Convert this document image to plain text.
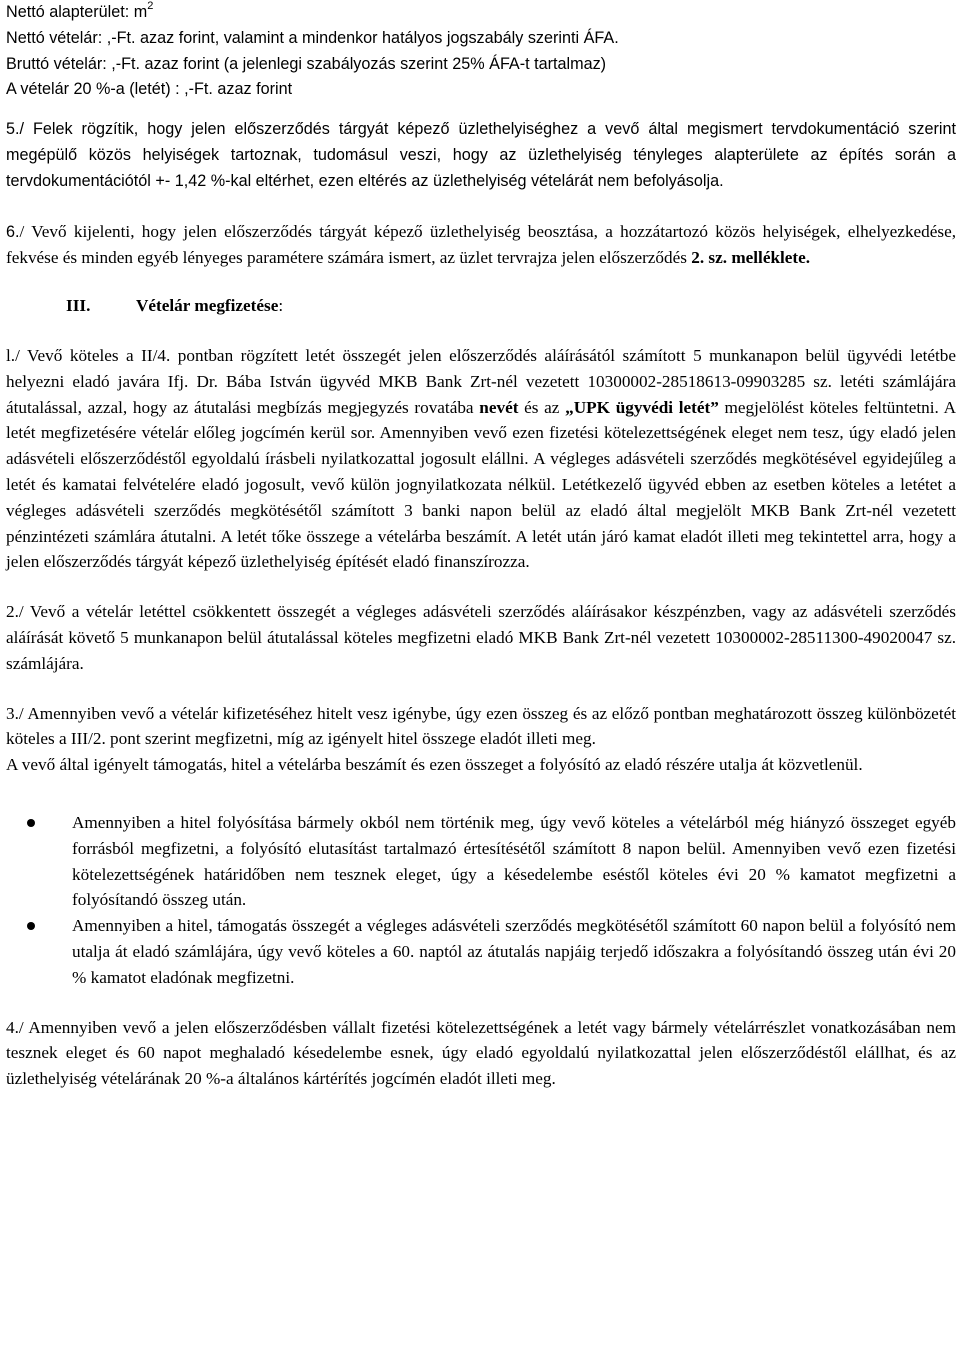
Nettó alapterület: $m^2$
Nettó vételár: ,-Ft. azaz forint, valamint a mindenkor hatályos jogszabály szerinti ÁFA.
Bruttó vételár: ,-Ft. azaz forint (a jelenlegi szabályozás szerint 25% ÁFA-t tartalmaz)
A vételár 20 %-a (letét) : ,-Ft. azaz forint

5./ Felek rögzítik, hogy jelen előszerződés tárgyát képező üzlethelyiséghez a vevő által megismert tervdokumentáció szerint megépülő közös helyiségek tartoznak, tudomásul veszi, hogy az üzlethelyiség tényleges alapterülete az építés során a tervdokumentációtól +- 1,42 %-kal eltérhet, ezen eltérés az üzlethelyiség vételárát nem befolyásolja.

6./ Vevő kijelenti, hogy jelen előszerződés tárgyát képező üzlethelyiség beosztása, a hozzátartozó közös helyiségek, elhelyezkedése, fekvése és minden egyéb lényeges paramétere számára ismert, az üzlet tervrajza jelen előszerződés 2. sz. melléklete.

III.	Vételár megfizetése:

l./ Vevő köteles a II/4. pontban rögzített letét összegét jelen előszerződés aláírásától számított 5 munkanapon belül ügyvédi letétbe helyezni eladó javára Ifj. Dr. Bába István ügyvéd MKB Bank Zrt-nél vezetett 10300002-28518613-09903285 sz. letéti számlájára átutalással, azzal, hogy az átutalási megbízás megjegyzés rovatába nevét és az „UPK ügyvédi letét” megjelölést köteles feltüntetni. A letét megfizetésére vételár előleg jogcímén kerül sor. Amennyiben vevő ezen fizetési kötelezettségének eleget nem tesz, úgy eladó jelen adásvételi előszerződéstől egyoldalú írásbeli nyilatkozattal jogosult elállni. A végleges adásvételi szerződés megkötésével egyidejűleg a letét és kamatai felvételére eladó jogosult, vevő külön jognyilatkozata nélkül. Letétkezelő ügyvéd ebben az esetben köteles a letétet a végleges adásvételi szerződés megkötésétől számított 3 banki napon belül az eladó által megjelölt MKB Bank Zrt-nél vezetett pénzintézeti számlára átutalni. A letét tőke összege a vételárba beszámít. A letét után járó kamat eladót illeti meg tekintettel arra, hogy a jelen előszerződés tárgyát képező üzlethelyiség építését eladó finanszírozza.

2./ Vevő a vételár letéttel csökkentett összegét a végleges adásvételi szerződés aláírásakor készpénzben, vagy az adásvételi szerződés aláírását követő 5 munkanapon belül átutalással köteles megfizetni eladó MKB Bank Zrt-nél vezetett 10300002-28511300-49020047 sz. számlájára.

3./ Amennyiben vevő a vételár kifizetéséhez hitelt vesz igénybe, úgy ezen összeg és az előző pontban meghatározott összeg különbözetét köteles a III/2. pont szerint megfizetni, míg az igényelt hitel összege eladót illeti meg.

A vevő által igényelt támogatás, hitel a vételárba beszámít és ezen összeget a folyósító az eladó részére utalja át közvetlenül.

Amennyiben a hitel folyósítása bármely okból nem történik meg, úgy vevő köteles a vételárból még hiányzó összeget egyéb forrásból megfizetni, a folyósító elutasítást tartalmazó értesítésétől számított 8 napon belül. Amennyiben vevő ezen fizetési kötelezettségének határidőben nem tesznek eleget, úgy a késedelembe eséstől köteles évi 20 % kamatot megfizetni a folyósítandó összeg után.
Amennyiben a hitel, támogatás összegét a végleges adásvételi szerződés megkötésétől számított 60 napon belül a folyósító nem utalja át eladó számlájára, úgy vevő köteles a 60. naptól az átutalás napjáig terjedő időszakra a folyósítandó összeg után évi 20 % kamatot eladónak megfizetni.

4./ Amennyiben vevő a jelen előszerződésben vállalt fizetési kötelezettségének a letét vagy bármely vételárrészlet vonatkozásában nem tesznek eleget és 60 napot meghaladó késedelembe esnek, úgy eladó egyoldalú nyilatkozattal jelen előszerződéstől elállhat, és az üzlethelyiség vételárának 20 %-a általános kártérítés jogcímén eladót illeti meg.
